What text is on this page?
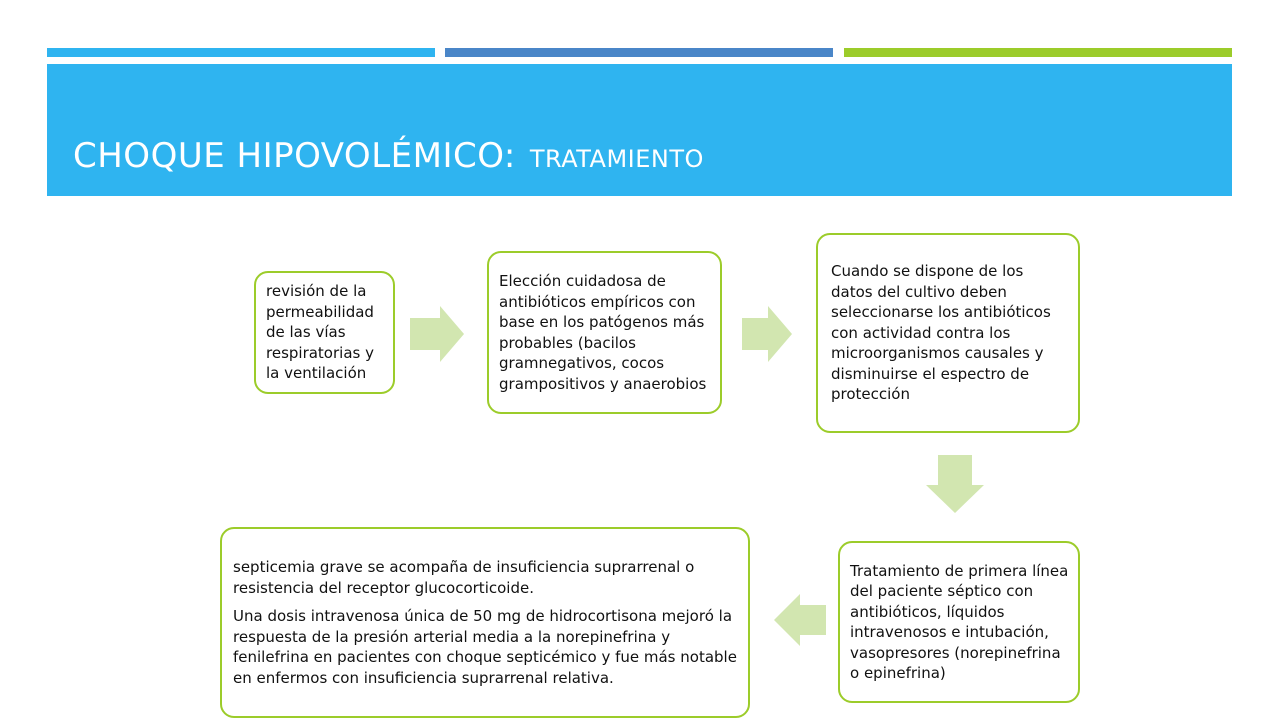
CHOQUE HIPOVOLÉMICO: TRATAMIENTO

revisión de la permeabilidad de las vías respiratorias y la ventilación

Elección cuidadosa de antibióticos empíricos con base en los patógenos más probables (bacilos gramnegativos, cocos grampositivos y anaerobios

Cuando se dispone de los datos del cultivo deben seleccionarse los antibióticos con actividad contra los microorganismos causales y disminuirse el espectro de protección

Tratamiento de primera línea del paciente séptico con antibióticos, líquidos intravenosos e intubación, vasopresores (norepinefrina o epinefrina)

septicemia grave se acompaña de insuficiencia suprarrenal o resistencia del receptor glucocorticoide.

Una dosis intravenosa única de 50 mg de hidrocortisona mejoró la respuesta de la presión arterial media a la norepinefrina y fenilefrina en pacientes con choque septicémico y fue más notable en enfermos con insuficiencia suprarrenal relativa.
